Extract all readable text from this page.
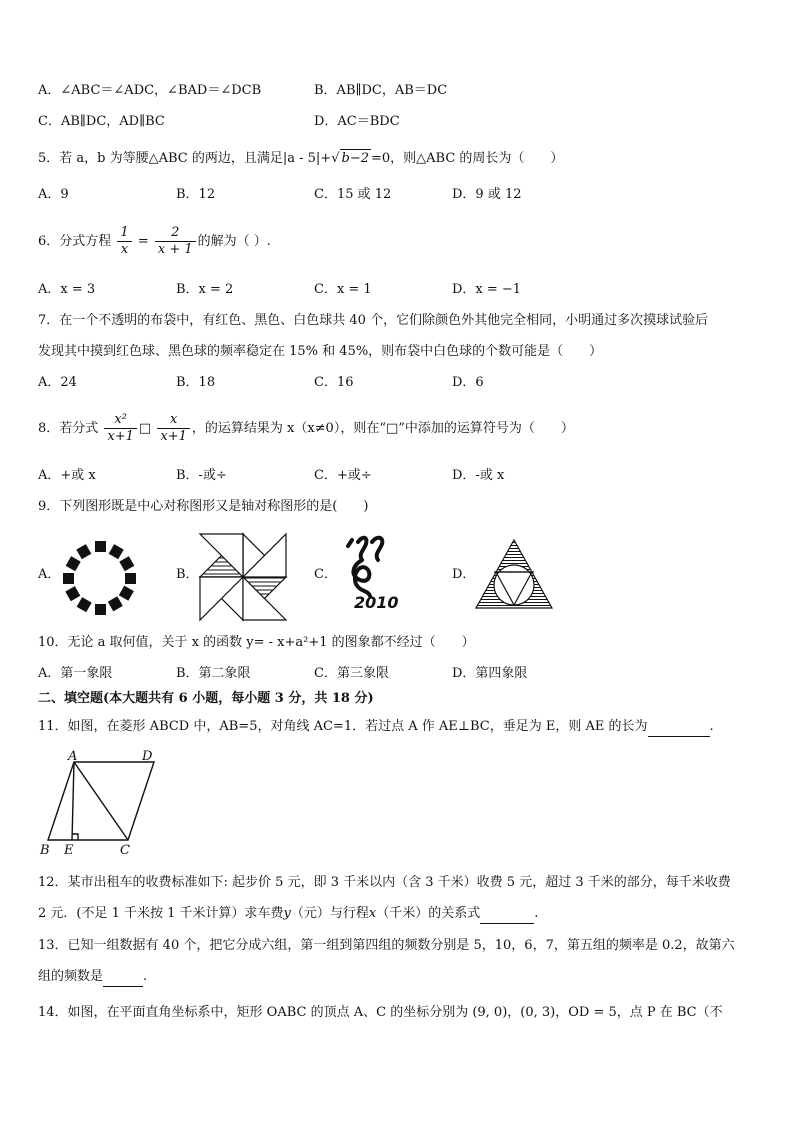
A．∠ABC＝∠ADC，∠BAD＝∠DCB	B．AB∥DC，AB＝DC
C．AB∥DC，AD∥BC	D．AC＝BDC
5．若 a，b 为等腰△ABC 的两边，且满足|a - 5|+√ b−2 =0，则△ABC 的周长为（　　）
A．9	B．12	C．15 或 12	D．9 或 12
6．分式方程 $\frac{1}{x} = \frac{2}{x + 1}$ 的解为（ ）.
A．x = 3	B．x = 2	C．x = 1	D．x = −1
7．在一个不透明的布袋中，有红色、黑色、白色球共 40 个，它们除颜色外其他完全相同，小明通过多次摸球试验后
发现其中摸到红色球、黑色球的频率稳定在 15% 和 45%，则布袋中白色球的个数可能是（　　）
A．24	B．18	C．16	D．6
8．若分式 $\frac{\text{x²}}{x+1}$ □ $\frac{x}{x+1}$ ，的运算结果为 x（x≠0），则在“□”中添加的运算符号为（　　）
A．+或 x	B．-或÷	C．+或÷	D．-或 x
9．下列图形既是中心对称图形又是轴对称图形的是(　　)
A．	B．	C．
2010
D．
10．无论 a 取何值，关于 x 的函数 y= - x+a²+1 的图象都不经过（　　）
A．第一象限	B．第二象限	C．第三象限	D．第四象限
二、填空题(本大题共有 6 小题，每小题 3 分，共 18 分)
11．如图，在菱形 ABCD 中，AB=5，对角线 AC=1．若过点 A 作 AE⊥BC，垂足为 E，则 AE 的长为	.
A	D
B E	C
12．某市出租车的收费标准如下: 起步价 5 元，即 3 千米以内（含 3 千米）收费 5 元，超过 3 千米的部分，每千米收费
2 元．(不足 1 千米按 1 千米计算）求车费y（元）与行程x（千米）的关系式	.
13．已知一组数据有 40 个，把它分成六组，第一组到第四组的频数分别是 5，10，6，7，第五组的频率是 0.2，故第六
组的频数是	.
14．如图，在平面直角坐标系中，矩形 OABC 的顶点 A、C 的坐标分别为 (9, 0)，(0, 3)，OD = 5，点 P 在 BC（不
